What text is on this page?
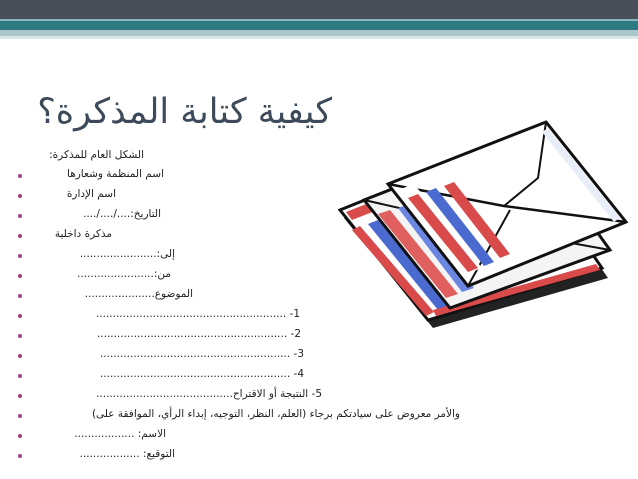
كيفية كتابة المذكرة؟
الشكل العام للمذكرة:
اسم المنظمة وشعارها
اسم الإدارة
التاريخ:..../..../....
مذكرة داخلية
إلى:.......................
من:.......................
الموضوع.....................
1- .........................................................
2- .........................................................
3- .........................................................
4- .........................................................
5- النتيجة أو الاقتراح.........................................
والأمر معروض على سيادتكم برجاء (العلم، النظر، التوجيه، إبداء الرأي، الموافقة على)
الاسم: ..................
التوقيع: ..................
